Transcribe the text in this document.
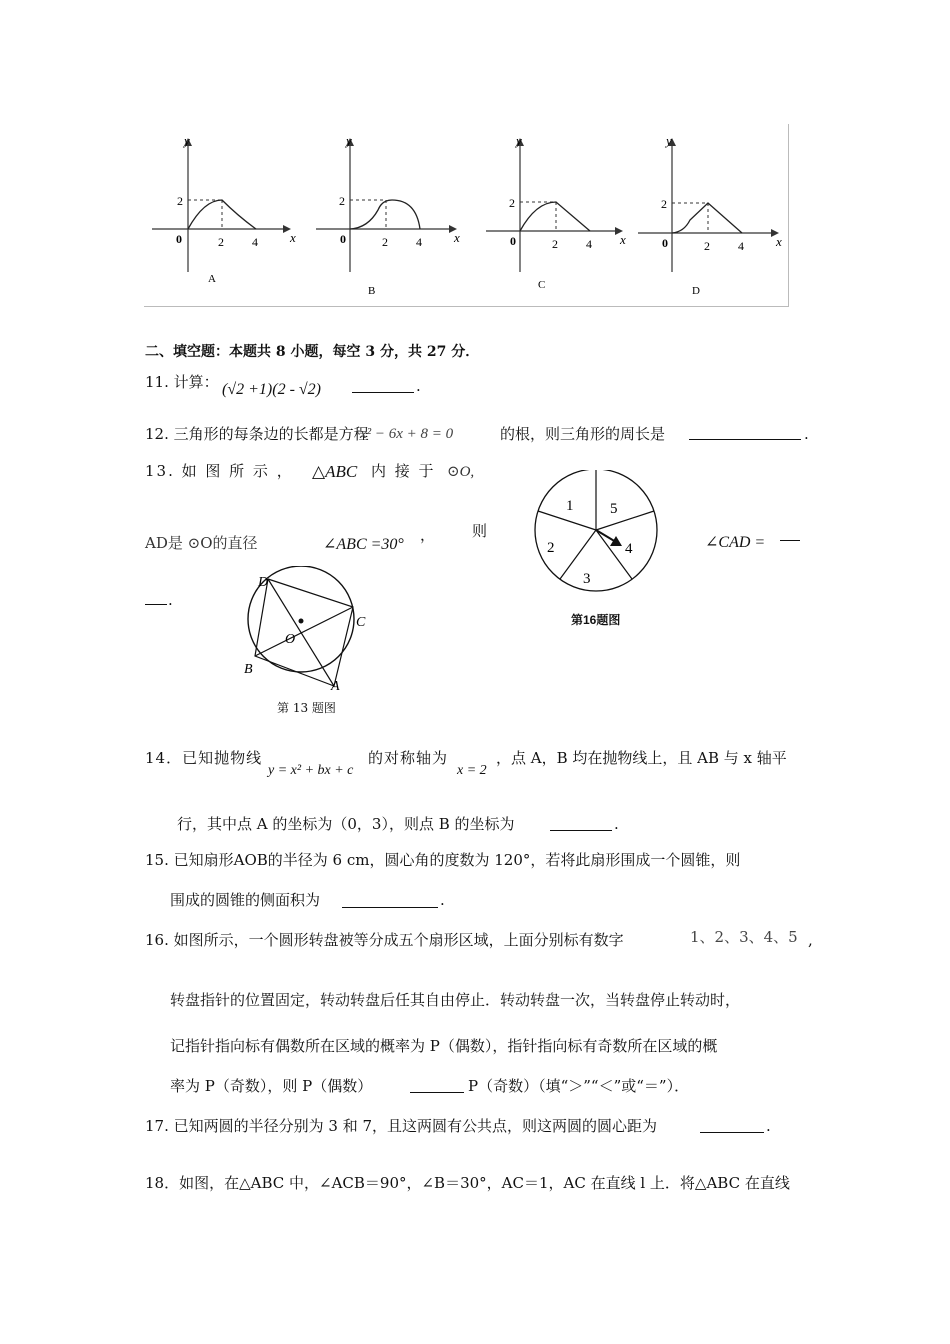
y
x
0	2 4
2
A
y
x
0	2 4
2
B
y
x
0	2 4
2
C
y
x
0	2 4
2
D
二、填空题：本题共 8 小题，每空 3 分，共 27 分．
11. 计算： (√2 +1)(2 - √2)	.
12. 三角形的每条边的长都是方程
x² − 6x + 8 = 0	的根，则三角形的周长是	.
13. 如 图 所 示 ， △ABC 内 接 于 ⊙O,
AD是 ⊙O的直径	∠ABC =30°
， 则
∠CAD =
.
D
C
O
B
A
第 13 题图
1 5
4
3
2
第16题图
14．已知抛物线
y = x² + bx + c
的对称轴为
x = 2
，点 A，B 均在抛物线上，且 AB 与 x 轴平
行，其中点 A 的坐标为（0，3），则点 B 的坐标为	.
15. 已知扇形AOB的半径为 6 cm，圆心角的度数为 120°，若将此扇形围成一个圆锥，则
围成的圆锥的侧面积为	.
16. 如图所示，一个圆形转盘被等分成五个扇形区域，上面分别标有数字	1、2、3、4、5 ,
转盘指针的位置固定，转动转盘后任其自由停止．转动转盘一次，当转盘停止转动时，
记指针指向标有偶数所在区域的概率为 P（偶数），指针指向标有奇数所在区域的概
率为 P（奇数），则 P（偶数）	P（奇数）（填“＞”“＜”或“＝”）．
17. 已知两圆的半径分别为 3 和 7，且这两圆有公共点，则这两圆的圆心距为	.
18．如图，在△ABC 中，∠ACB＝90°，∠B＝30°，AC＝1，AC 在直线 l 上．将△ABC 在直线
